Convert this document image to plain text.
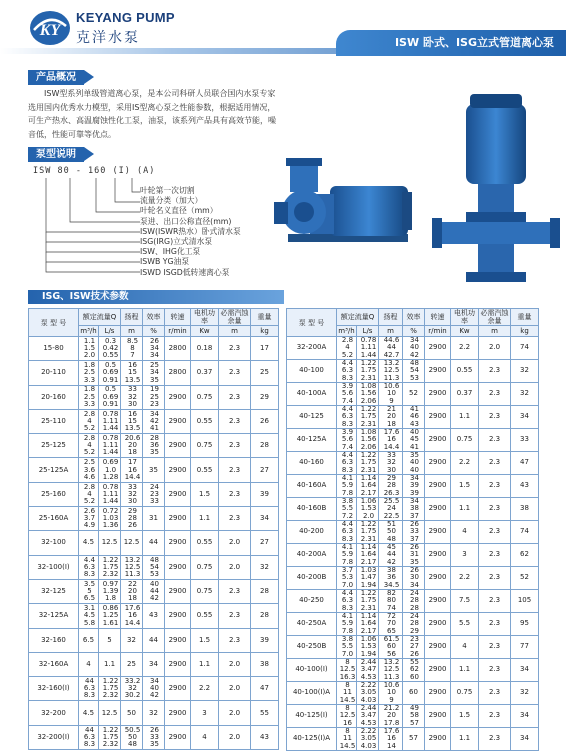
KY
KEYANG PUMP
克洋水泵	ISW 卧式、ISG立式管道离心泵
产品概况
ISW型系列单级管道离心泵，是本公司科研人员联合国内水泵专家选用国内优秀水力模型，采用IS型离心泵之性能参数，根据适用情况，可生产热水、高温腐蚀性化工泵，油泵，该系列产品具有高效节能，噪音低，性能可靠等优点。
泵型说明
ISW 80 - 160 (I) (A)
叶轮第一次切割
流量分类（加大）
叶轮名义直径（mm）
泵进、出口公称直径(mm)
ISW(ISWR热水）卧式清水泵
ISG(IRG)立式清水泵
ISW、IHG化工泵
ISWB YG油泵
ISWD ISGD低转速离心泵
ISG、ISW技术参数
泵 型 号	额定流量Q		扬程	效率	转速	电机功率	必需汽蚀余量	重量
	m³/h	L/s	m	%	r/min	Kw	m	kg
15-80	1.1
1.5
2.0	0.3
0.42
0.55	8.5
8
7	26
34
34	2800	0.18	2.3	17
20-110	1.8
2.5
3.3	0.5
0.69
0.91	16
15
13.5	25
34
35	2800	0.37	2.3	25
20-160	1.8
2.5
3.3	0.5
0.69
0.91	33
32
30	19
25
23	2900	0.75	2.3	29
25-110	2.8
4
5.2	0.78
1.11
1.44	16
15
13.5	34
42
41	2900	0.55	2.3	26
25-125	2.8
4
5.2	0.78
1.11
1.44	20.6
20
18	28
36
35	2900	0.75	2.3	28
25-125A	2.5
3.6
4.6	0.69
1.0
1.28	17
16
14.4	35	2900	0.55	2.3	27
25-160	2.8
4
5.2	0.78
1.11
1.44	33
32
30	24
23
33	2900	1.5	2.3	39
25-160A	2.6
3.7
4.9	0.72
1.03
1.36	29
28
26	31	2900	1.1	2.3	34
32-100	4.5	12.5	12.5	44	2900	0.55	2.0	27
32-100(I)	4.4
6.3
8.3	1.22
1.75
2.32	13.2
12.5
11.3	48
54
53	2900	0.75	2.0	32
32-125	3.5
5
6.5	0.97
1.39
1.8	22
20
18	40
44
42	2900	0.75	2.3	28
32-125A	3.1
4.5
5.8	0.86
1.25
1.61	17.6
16
14.4	43	2900	0.55	2.3	28
32-160	6.5	5	32	44	2900	1.5	2.3	39
32-160A	4	1.1	25	34	2900	1.1	2.0	38
32-160(I)	44
6.3
8.3	1.22
1.75
2.32	33.2
32
30.2	34
40
42	2900	2.2	2.0	47
32-200	4.5	12.5	50	32	2900	3	2.0	55
32-200(I)	44
6.3
8.3	1.22
1.75
2.32	50.5
50
48	26
33
35	2900	4	2.0	43
泵 型 号	额定流量Q		扬程	效率	转速	电机功率	必需汽蚀余量	重量
	m³/h	L/s	m	%	r/min	Kw	m	kg
32-200A	2.8
4
5.2	0.78
1.11
1.44	44.6
44
42.7	34
40
42	2900	2.2	2.0	74
40-100	4.4
6.3
8.3	1.22
1.75
2.31	13.2
12.5
11.3	48
54
53	2900	0.55	2.3	32
40-100A	3.9
5.6
7.4	1.08
1.56
2.06	10.6
10
9	52	2900	0.37	2.3	32
40-125	4.4
6.3
8.3	1.22
1.75
2.31	21
20
18	41
46
43	2900	1.1	2.3	34
40-125A	3.9
5.6
7.4	1.08
1.56
2.06	17.6
16
14.4	40
45
41	2900	0.75	2.3	33
40-160	4.4
6.3
8.3	1.22
1.75
2.31	33
32
30	35
40
40	2900	2.2	2.3	47
40-160A	4.1
5.9
7.8	1.14
1.64
2.17	29
28
26.3	34
39
39	2900	1.5	2.3	43
40-160B	3.8
5.5
7.2	1.06
1.53
2.0	25.5
24
22.5	34
38
37	2900	1.1	2.3	38
40-200	4.4
6.3
8.3	1.22
1.75
2.31	51
50
48	26
33
37	2900	4	2.3	74
40-200A	4.1
5.9
7.8	1.14
1.64
2.17	45
44
42	26
31
35	2900	3	2.3	62
40-200B	3.7
5.3
7.0	1.03
1.47
1.94	38
36
34.5	26
30
34	2900	2.2	2.3	52
40-250	4.4
6.3
8.3	1.22
1.75
2.31	82
80
74	24
28
28	2900	7.5	2.3	105
40-250A	4.1
5.9
7.8	1.14
1.64
2.17	72
70
65	24
28
29	2900	5.5	2.3	95
40-250B	3.8
5.5
7.0	1.06
1.53
1.94	61.5
60
56	23
27
26	2900	4	2.3	77
40-100(I)	8
12.5
16.3	2.44
3.47
4.53	13.2
12.5
11.3	55
62
60	2900	1.1	2.3	34
40-100(I)A	8
11
14.5	2.22
3.05
4.03	10.6
10
9	60	2900	0.75	2.3	32
40-125(I)	8
12.5
16	2.44
3.47
4.53	21.2
20
17.8	49
58
57	2900	1.5	2.3	34
40-125(I)A	8
11
14.5	2.22
3.05
4.03	17.6
16
14	57	2900	1.1	2.3	34
